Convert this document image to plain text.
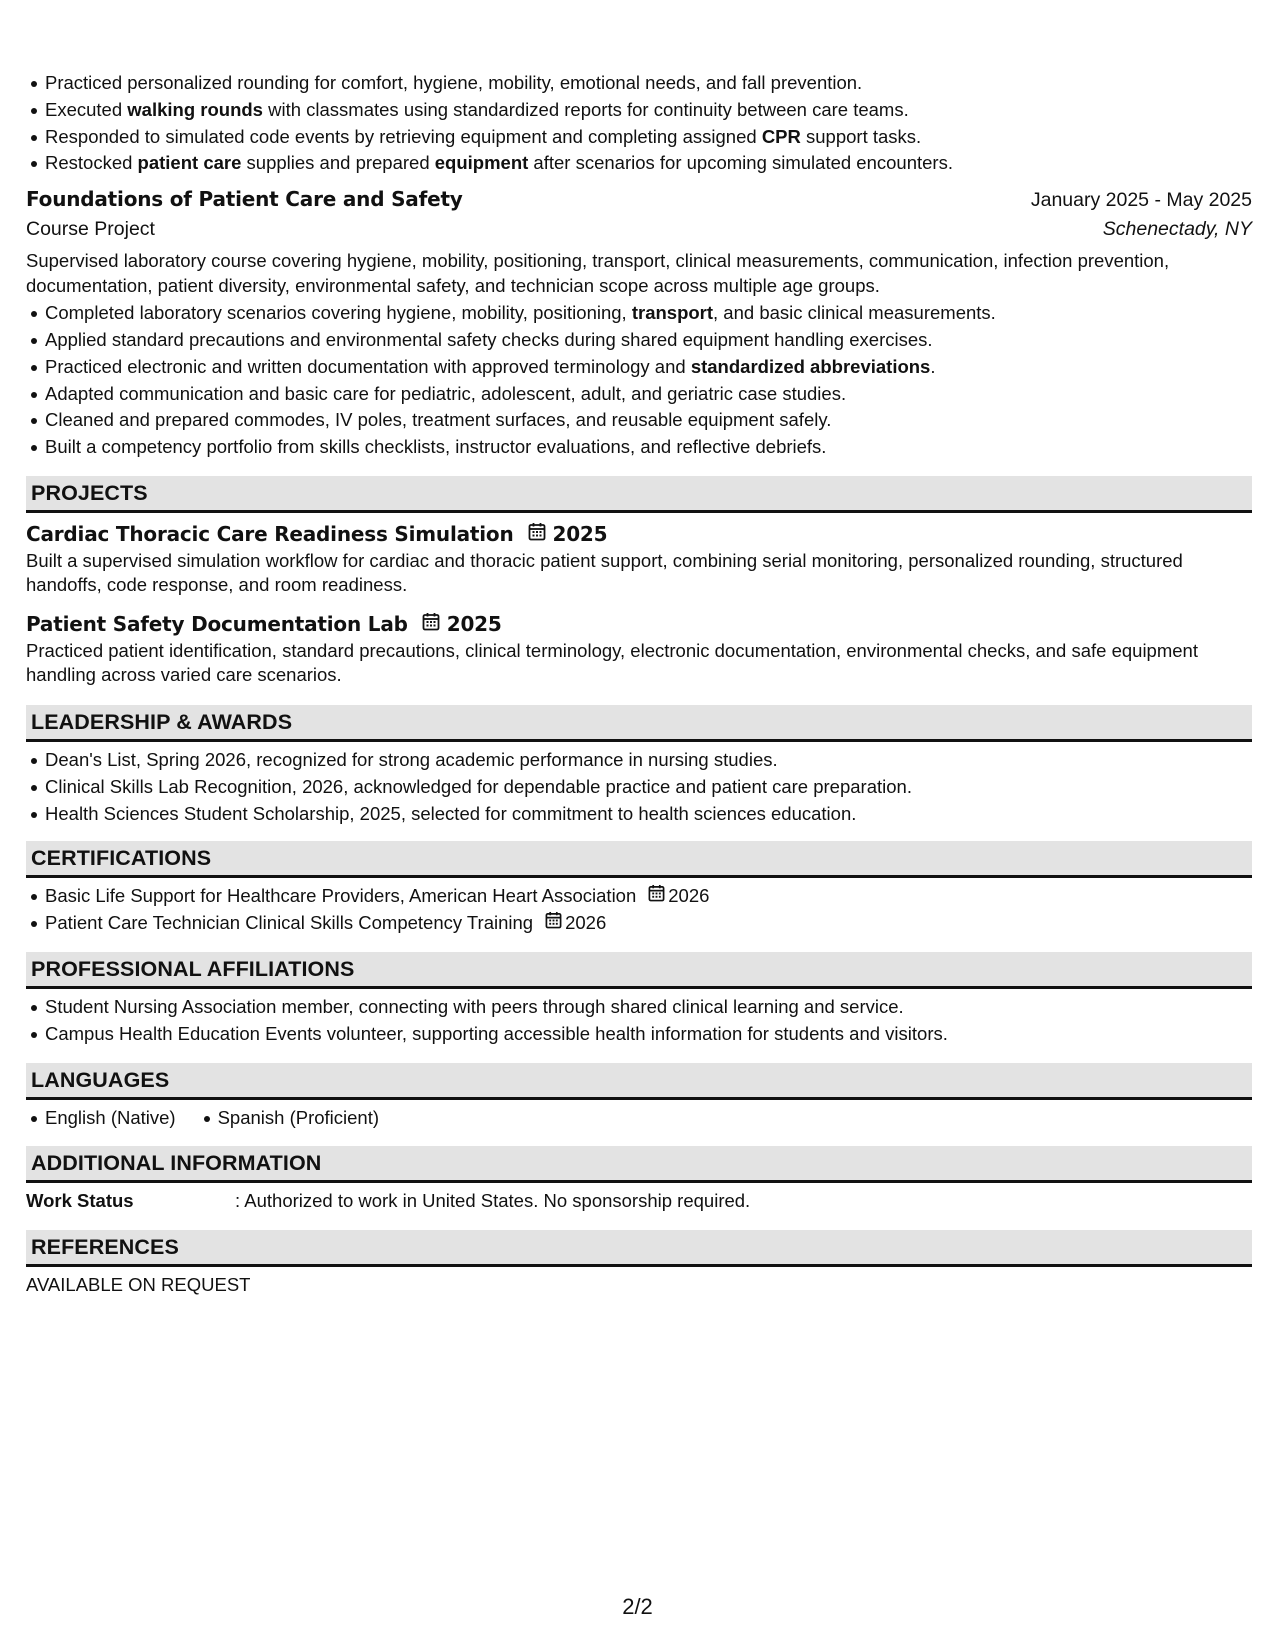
Practiced personalized rounding for comfort, hygiene, mobility, emotional needs, and fall prevention.
Executed walking rounds with classmates using standardized reports for continuity between care teams.
Responded to simulated code events by retrieving equipment and completing assigned CPR support tasks.
Restocked patient care supplies and prepared equipment after scenarios for upcoming simulated encounters.
Foundations of Patient Care and Safety	January 2025 - May 2025
Course Project	Schenectady, NY
Supervised laboratory course covering hygiene, mobility, positioning, transport, clinical measurements, communication, infection prevention, documentation, patient diversity, environmental safety, and technician scope across multiple age groups.
Completed laboratory scenarios covering hygiene, mobility, positioning, transport, and basic clinical measurements.
Applied standard precautions and environmental safety checks during shared equipment handling exercises.
Practiced electronic and written documentation with approved terminology and standardized abbreviations.
Adapted communication and basic care for pediatric, adolescent, adult, and geriatric case studies.
Cleaned and prepared commodes, IV poles, treatment surfaces, and reusable equipment safely.
Built a competency portfolio from skills checklists, instructor evaluations, and reflective debriefs.
PROJECTS
Cardiac Thoracic Care Readiness Simulation 2025
Built a supervised simulation workflow for cardiac and thoracic patient support, combining serial monitoring, personalized rounding, structured handoffs, code response, and room readiness.
Patient Safety Documentation Lab 2025
Practiced patient identification, standard precautions, clinical terminology, electronic documentation, environmental checks, and safe equipment handling across varied care scenarios.
LEADERSHIP & AWARDS
Dean's List, Spring 2026, recognized for strong academic performance in nursing studies.
Clinical Skills Lab Recognition, 2026, acknowledged for dependable practice and patient care preparation.
Health Sciences Student Scholarship, 2025, selected for commitment to health sciences education.
CERTIFICATIONS
Basic Life Support for Healthcare Providers, American Heart Association 2026
Patient Care Technician Clinical Skills Competency Training 2026
PROFESSIONAL AFFILIATIONS
Student Nursing Association member, connecting with peers through shared clinical learning and service.
Campus Health Education Events volunteer, supporting accessible health information for students and visitors.
LANGUAGES
English (Native) Spanish (Proficient)
ADDITIONAL INFORMATION
Work Status	: Authorized to work in United States. No sponsorship required.
REFERENCES
AVAILABLE ON REQUEST
2/2
